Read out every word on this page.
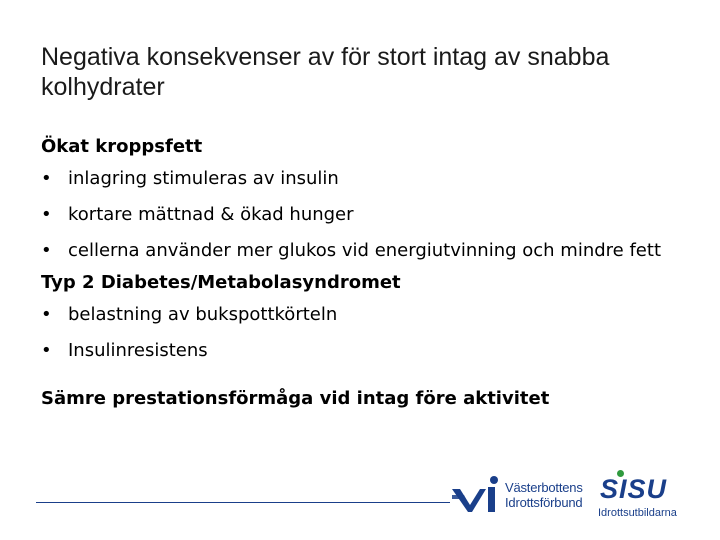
Negativa konsekvenser av för stort intag av snabba kolhydrater

Ökat kroppsfett

• inlagring stimuleras av insulin
• kortare mättnad & ökad hunger
• cellerna använder mer glukos vid energiutvinning och mindre fett

Typ 2 Diabetes/Metabolasyndromet

• belastning av bukspottkörteln
• Insulinresistens

Sämre prestationsförmåga vid intag före aktivitet

Västerbottens
Idrottsförbund SISU
Idrottsutbildarna
